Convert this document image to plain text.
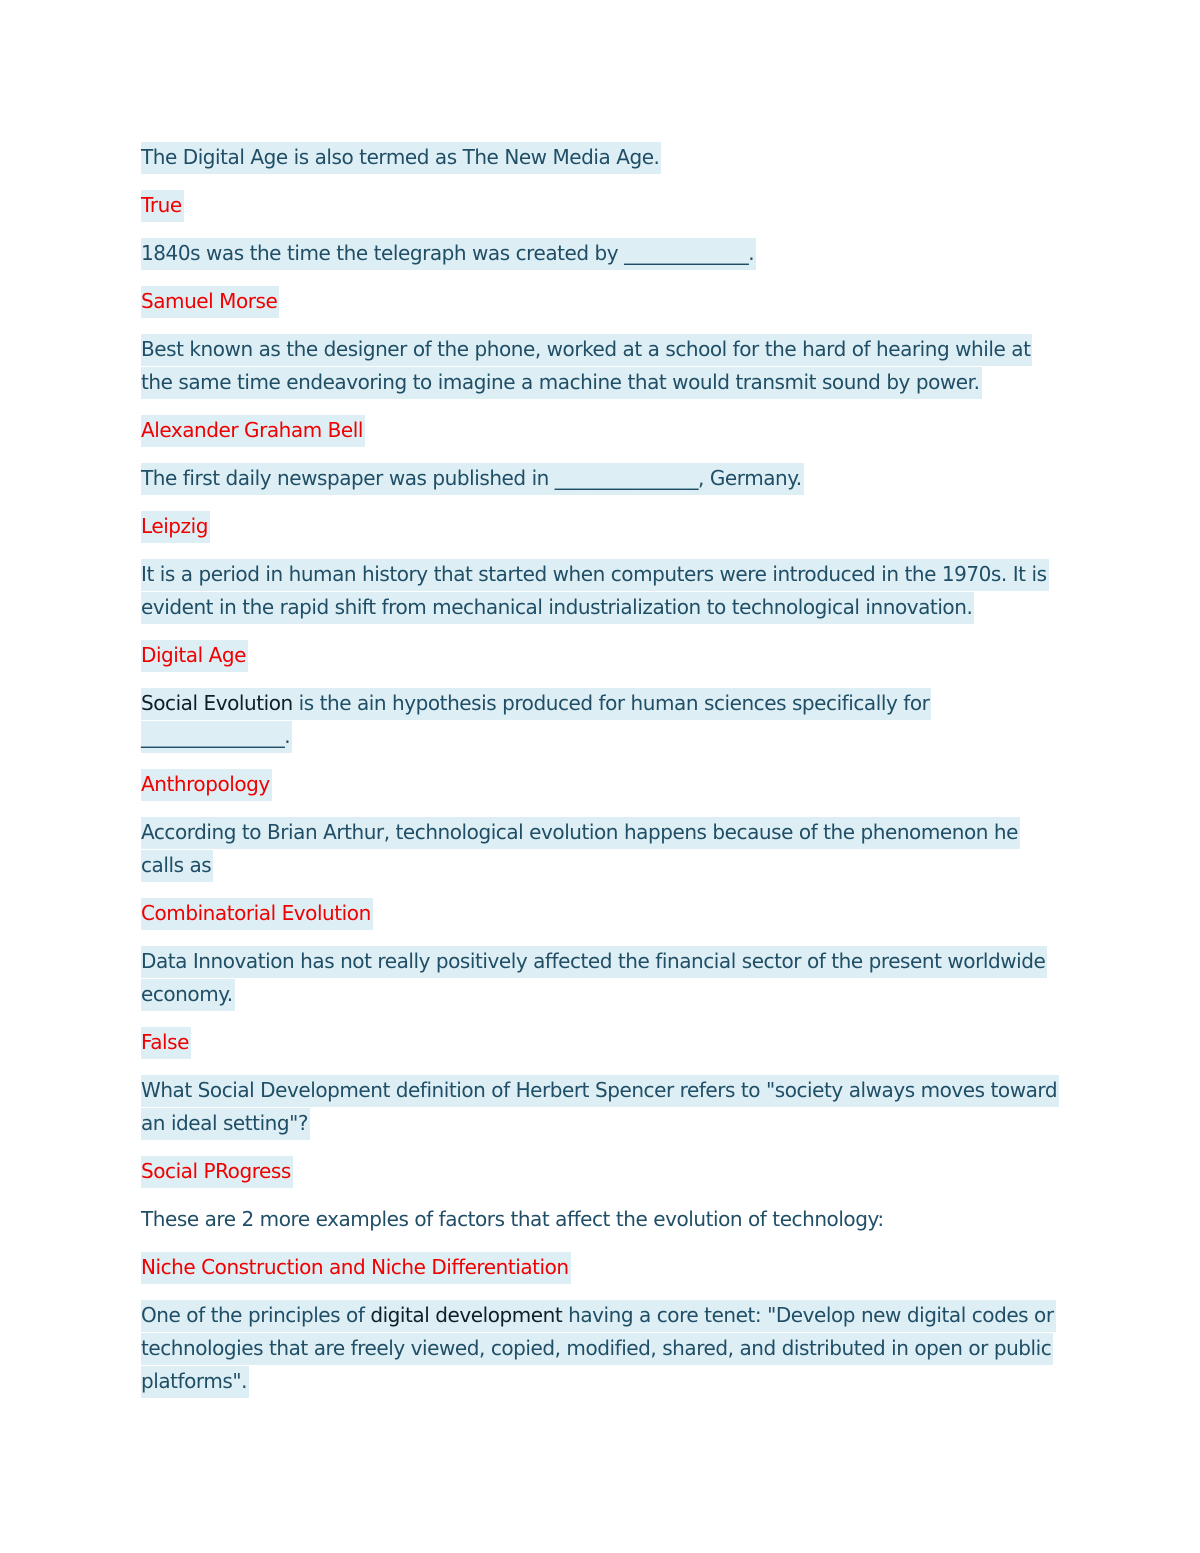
The Digital Age is also termed as The New Media Age.

True

1840s was the time the telegraph was created by _____________.

Samuel Morse

Best known as the designer of the phone, worked at a school for the hard of hearing while at the same time endeavoring to imagine a machine that would transmit sound by power.

Alexander Graham Bell

The first daily newspaper was published in _______________, Germany.

Leipzig

It is a period in human history that started when computers were introduced in the 1970s. It is evident in the rapid shift from mechanical industrialization to technological innovation.

Digital Age

Social Evolution is the ain hypothesis produced for human sciences specifically for _______________.

Anthropology

According to Brian Arthur, technological evolution happens because of the phenomenon he calls as

Combinatorial Evolution

Data Innovation has not really positively affected the financial sector of the present worldwide economy.

False

What Social Development definition of Herbert Spencer refers to "society always moves toward an ideal setting"?

Social PRogress

These are 2 more examples of factors that affect the evolution of technology:

Niche Construction and Niche Differentiation

One of the principles of digital development having a core tenet: "Develop new digital codes or technologies that are freely viewed, copied, modified, shared, and distributed in open or public platforms".
